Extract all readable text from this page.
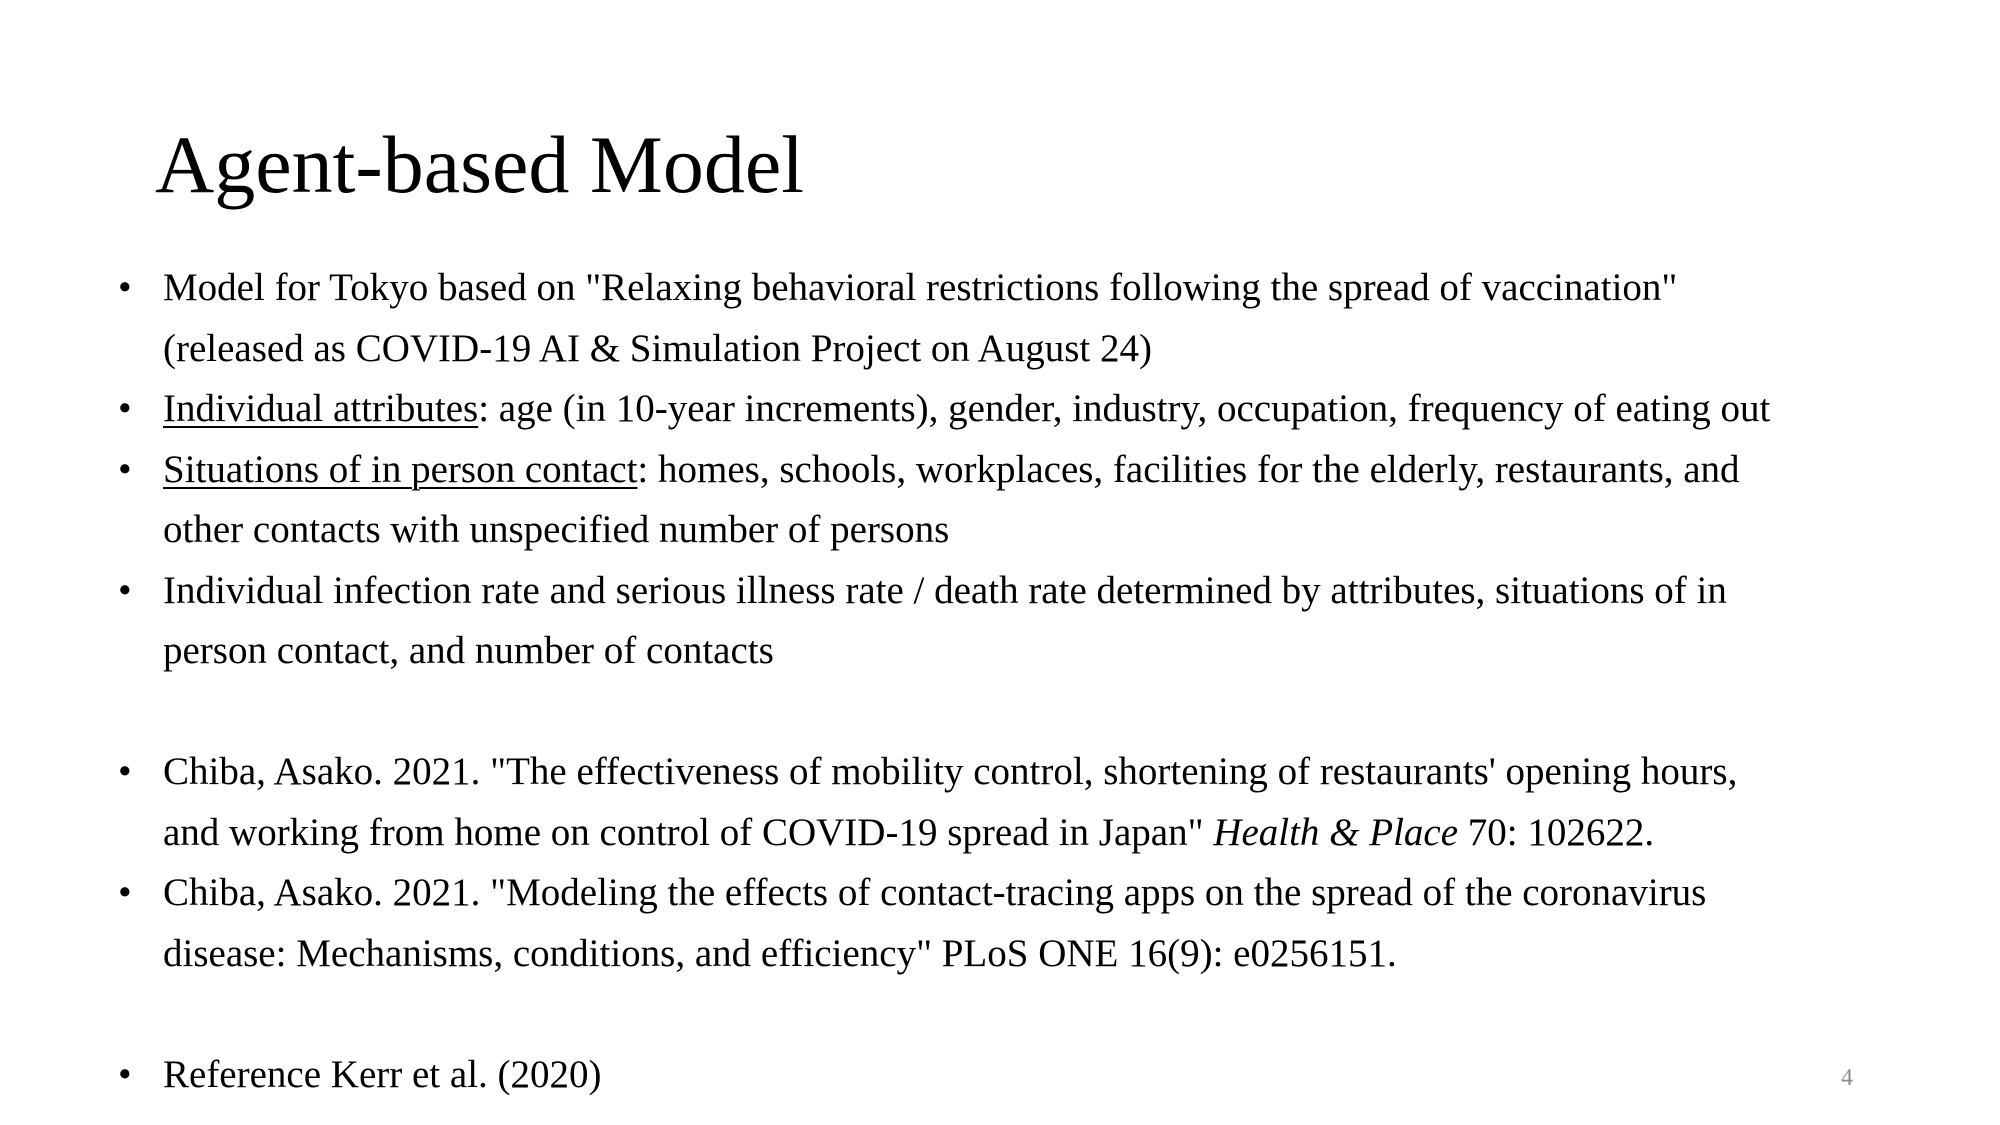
Agent-based Model
• Model for Tokyo based on "Relaxing behavioral restrictions following the spread of vaccination"
(released as COVID-19 AI & Simulation Project on August 24)
• Individual attributes: age (in 10-year increments), gender, industry, occupation, frequency of eating out
• Situations of in person contact: homes, schools, workplaces, facilities for the elderly, restaurants, and
other contacts with unspecified number of persons
• Individual infection rate and serious illness rate / death rate determined by attributes, situations of in
person contact, and number of contacts
• Chiba, Asako. 2021. "The effectiveness of mobility control, shortening of restaurants' opening hours,
and working from home on control of COVID-19 spread in Japan" Health & Place 70: 102622.
• Chiba, Asako. 2021. "Modeling the effects of contact-tracing apps on the spread of the coronavirus
disease: Mechanisms, conditions, and efficiency" PLoS ONE 16(9): e0256151.
• Reference Kerr et al. (2020)	4
